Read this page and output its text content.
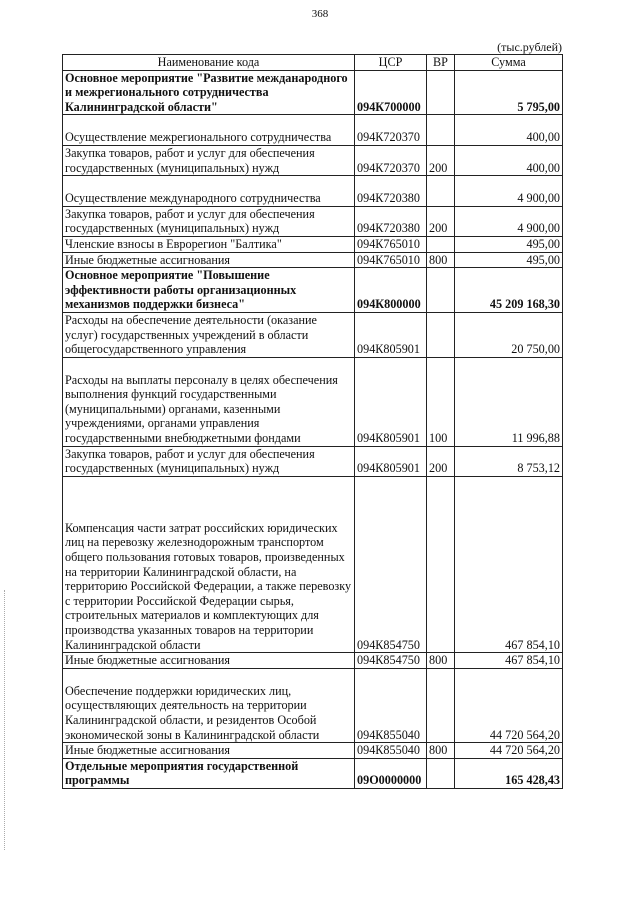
368
(тыс.рублей)
Наименование кода	ЦСР	ВР	Сумма
Основное мероприятие "Развитие межданародного и межрегионального сотрудничества Калининградской области"	094К700000		5 795,00

Осуществление межрегионального сотрудничества	094К720370		400,00
Закупка товаров, работ и услуг для обеспечения государственных (муниципальных) нужд	094К720370	200	400,00

Осуществление международного сотрудничества	094К720380		4 900,00
Закупка товаров, работ и услуг для обеспечения государственных (муниципальных) нужд	094К720380	200	4 900,00
Членские взносы в Еврорегион "Балтика"	094К765010		495,00
Иные бюджетные ассигнования	094К765010	800	495,00
Основное мероприятие "Повышение эффективности работы организационных механизмов поддержки бизнеса"	094К800000		45 209 168,30
Расходы на обеспечение деятельности (оказание услуг) государственных учреждений в области общегосударственного управления	094К805901		20 750,00

Расходы на выплаты персоналу в целях обеспечения выполнения функций государственными (муниципальными) органами, казенными учреждениями, органами управления государственными внебюджетными фондами	094К805901	100	11 996,88
Закупка товаров, работ и услуг для обеспечения государственных (муниципальных) нужд	094К805901	200	8 753,12

Компенсация части затрат российских юридических лиц на перевозку железнодорожным транспортом общего пользования готовых товаров, произведенных на территории Калининградской области, на территорию Российской Федерации, а также перевозку с территории Российской Федерации сырья, строительных материалов и комплектующих для производства указанных товаров на территории Калининградской области	094К854750		467 854,10
Иные бюджетные ассигнования	094К854750	800	467 854,10

Обеспечение поддержки юридических лиц, осуществляющих деятельность на территории Калининградской области, и резидентов Особой экономической зоны в Калининградской области	094К855040		44 720 564,20
Иные бюджетные ассигнования	094К855040	800	44 720 564,20
Отдельные мероприятия государственной программы	09О0000000		165 428,43
